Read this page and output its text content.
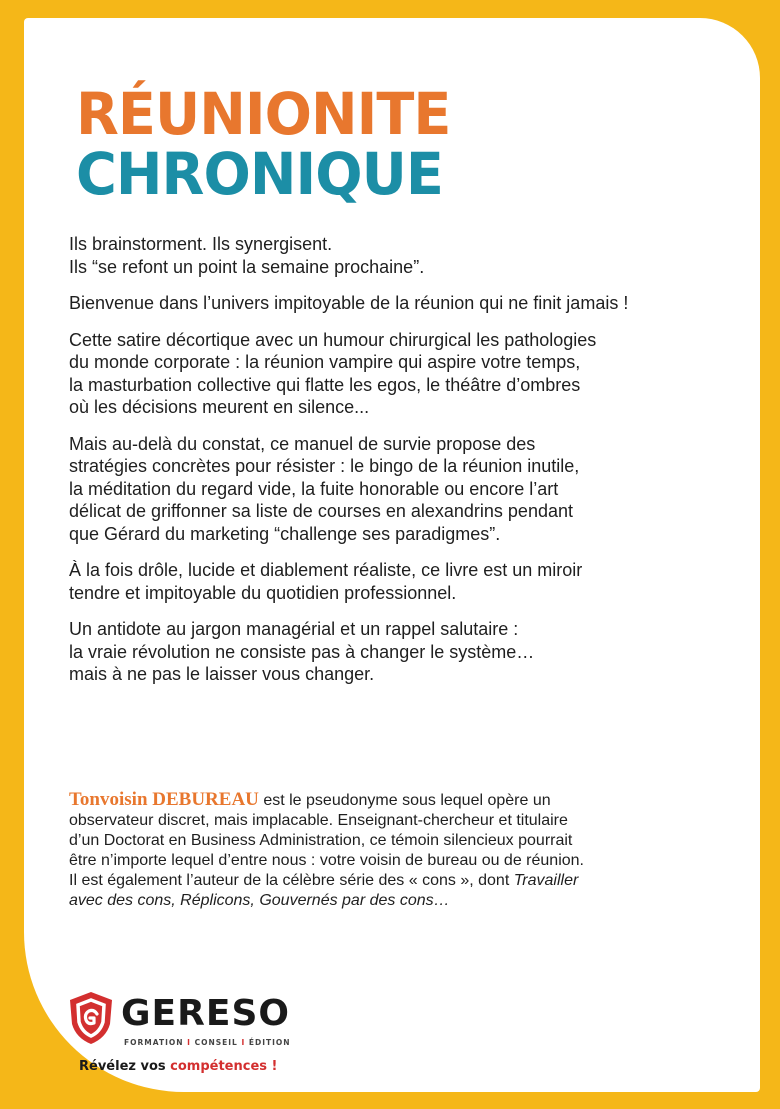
RÉUNIONITE
CHRONIQUE

Ils brainstorment. Ils synergisent.
Ils “se refont un point la semaine prochaine”.

Bienvenue dans l’univers impitoyable de la réunion qui ne finit jamais !

Cette satire décortique avec un humour chirurgical les pathologies
du monde corporate : la réunion vampire qui aspire votre temps,
la masturbation collective qui flatte les egos, le théâtre d’ombres
où les décisions meurent en silence...

Mais au-delà du constat, ce manuel de survie propose des
stratégies concrètes pour résister : le bingo de la réunion inutile,
la méditation du regard vide, la fuite honorable ou encore l’art
délicat de griffonner sa liste de courses en alexandrins pendant
que Gérard du marketing “challenge ses paradigmes”.

À la fois drôle, lucide et diablement réaliste, ce livre est un miroir
tendre et impitoyable du quotidien professionnel.

Un antidote au jargon managérial et un rappel salutaire :
la vraie révolution ne consiste pas à changer le système…
mais à ne pas le laisser vous changer.

Tonvoisin DEBUREAU est le pseudonyme sous lequel opère un
observateur discret, mais implacable. Enseignant-chercheur et titulaire
d’un Doctorat en Business Administration, ce témoin silencieux pourrait
être n’importe lequel d’entre nous : votre voisin de bureau ou de réunion.
Il est également l’auteur de la célèbre série des « cons », dont Travailler
avec des cons, Réplicons, Gouvernés par des cons…
GERESO
FORMATION I CONSEIL I ÉDITION
Révélez vos compétences !
